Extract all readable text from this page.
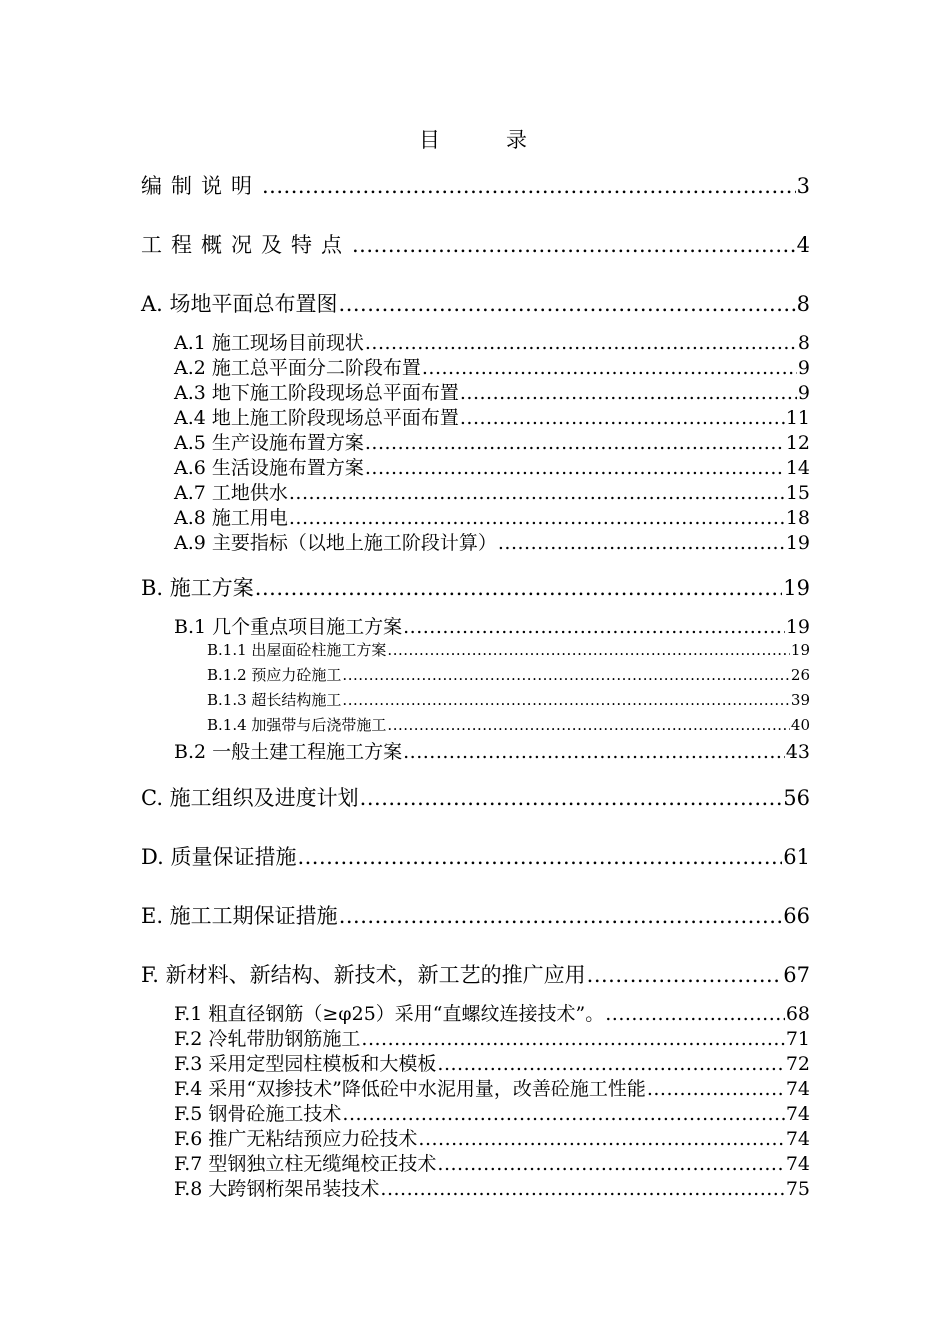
目	录
编制说明 .....	3
工程概况及特点 .....	4
A. 场地平面总布置图 .....	8
A.1 施工现场目前现状 .....	8
A.2 施工总平面分二阶段布置 .....	9
A.3 地下施工阶段现场总平面布置 .....	9
A.4 地上施工阶段现场总平面布置 .....	11
A.5 生产设施布置方案 .....	12
A.6 生活设施布置方案 .....	14
A.7 工地供水 .....	15
A.8 施工用电 .....	18
A.9 主要指标（以地上施工阶段计算） .....	19
B. 施工方案 .....	19
B.1 几个重点项目施工方案 .....	19
B.1.1 出屋面砼柱施工方案 .....	19
B.1.2 预应力砼施工 .....	26
B.1.3 超长结构施工 .....	39
B.1.4 加强带与后浇带施工 .....	40
B.2 一般土建工程施工方案 .....	43
C. 施工组织及进度计划 .....	56
D. 质量保证措施 .....	61
E. 施工工期保证措施 .....	66
F. 新材料、新结构、新技术，新工艺的推广应用 .....	67
F.1 粗直径钢筋（≥φ25）采用“直螺纹连接技术”。 .....	68
F.2 冷轧带肋钢筋施工 .....	71
F.3 采用定型园柱模板和大模板 .....	72
F.4 采用“双掺技术”降低砼中水泥用量，改善砼施工性能 .....	74
F.5 钢骨砼施工技术 .....	74
F.6 推广无粘结预应力砼技术 .....	74
F.7 型钢独立柱无缆绳校正技术 .....	74
F.8 大跨钢桁架吊装技术 .....	75
